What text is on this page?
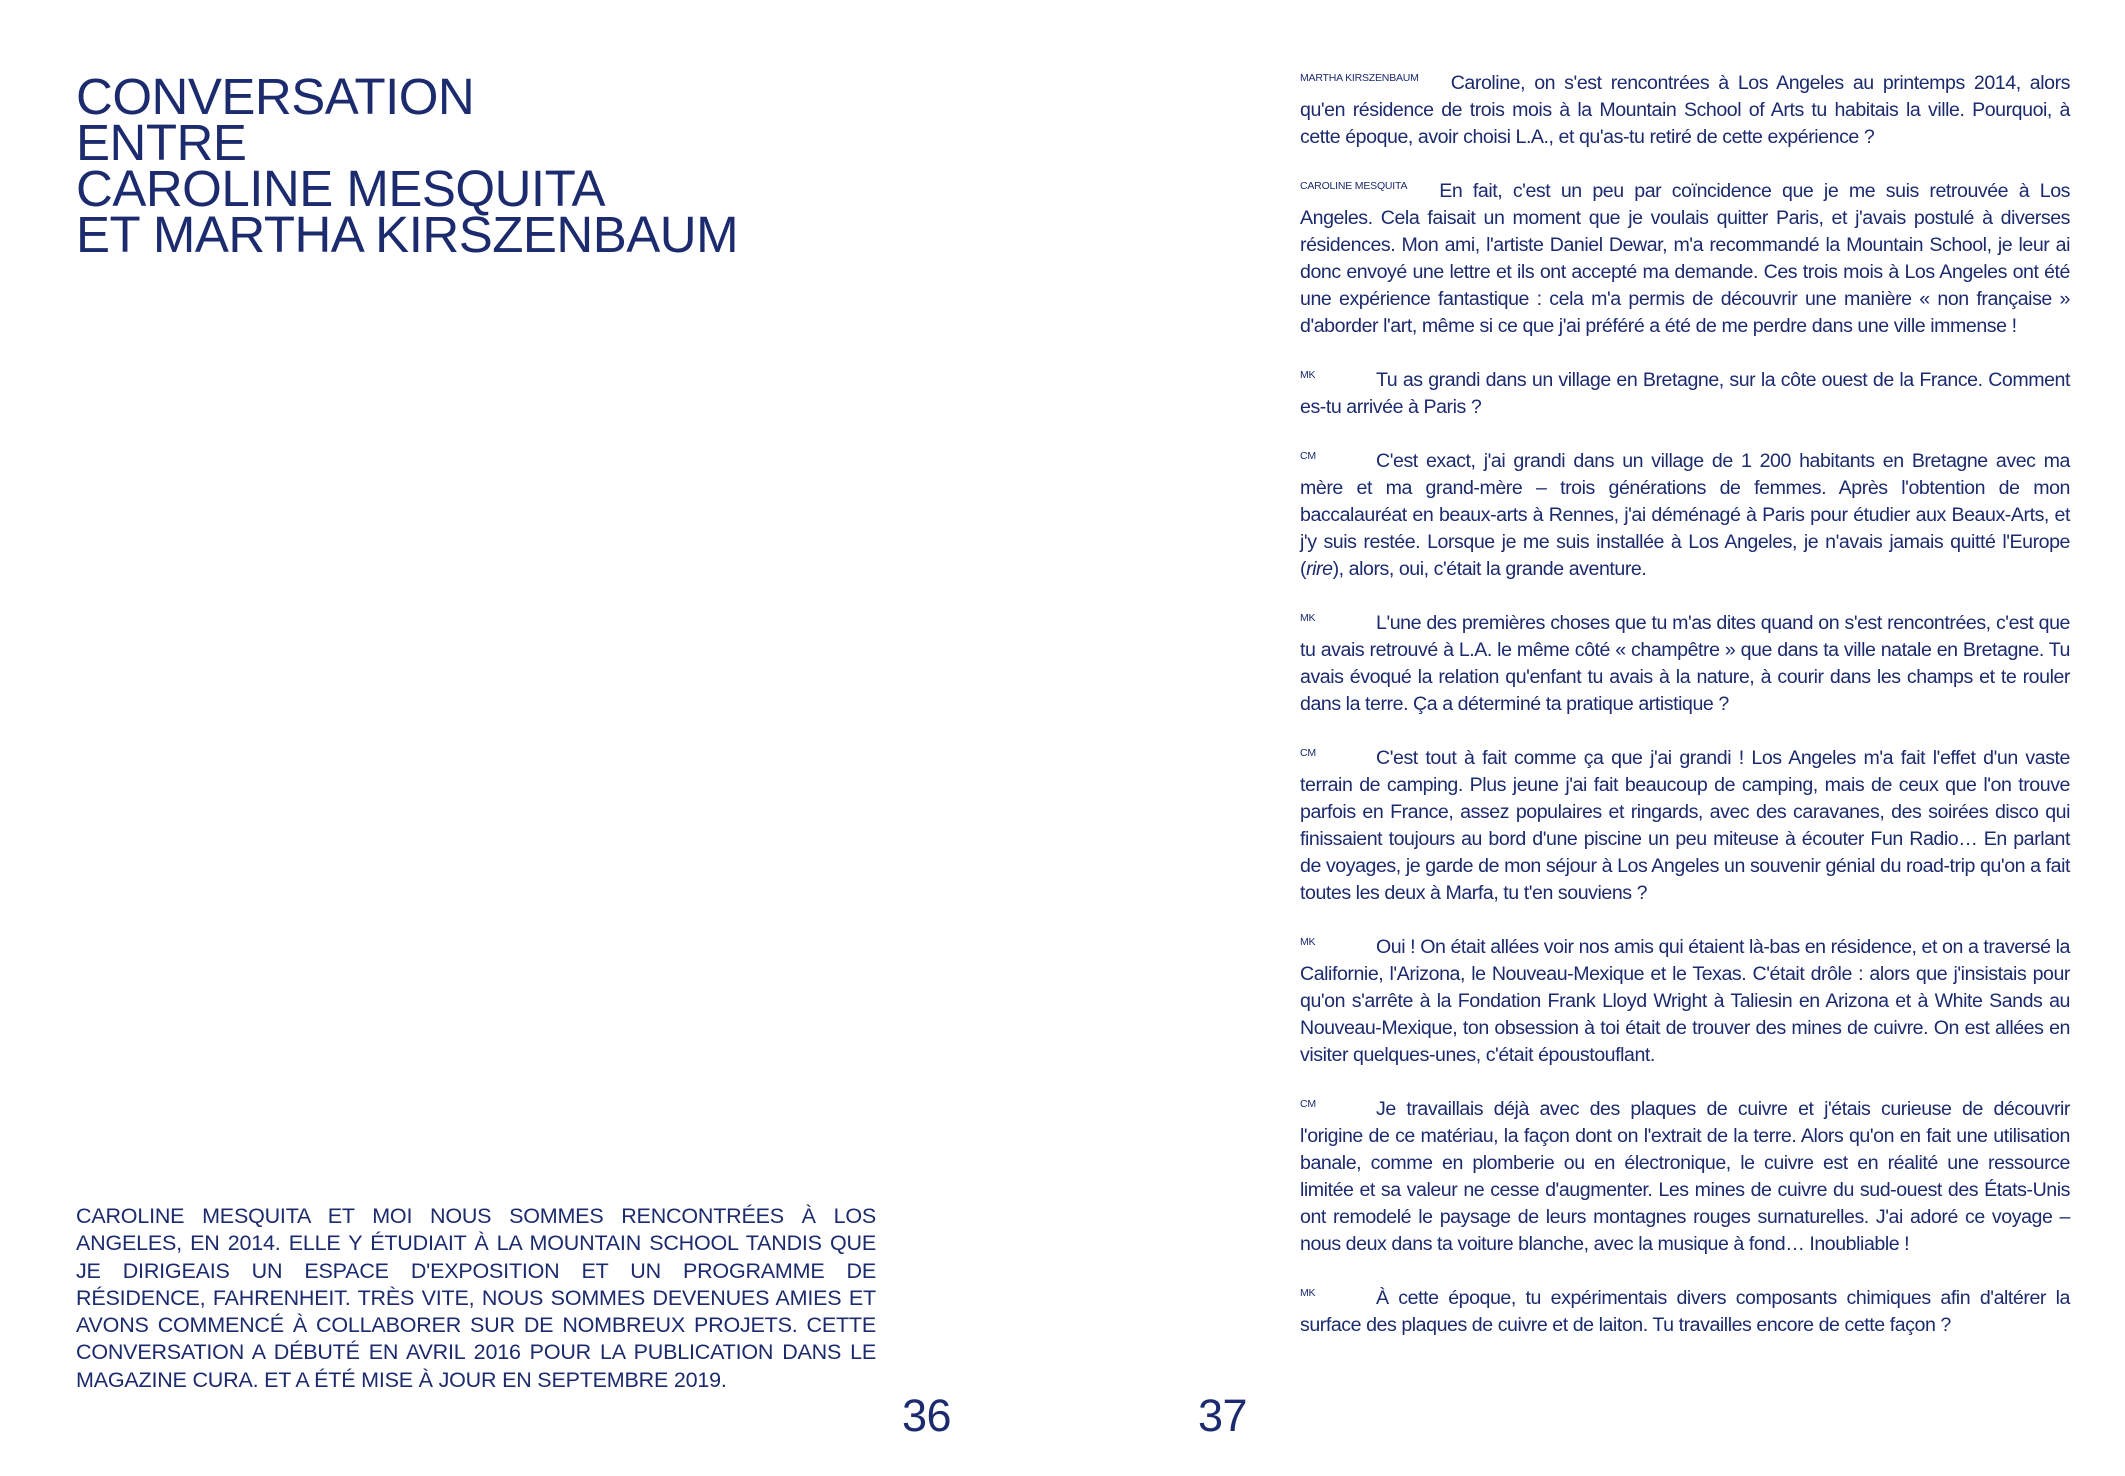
CONVERSATION
ENTRE
CAROLINE MESQUITA
ET MARTHA KIRSZENBAUM

CAROLINE MESQUITA ET MOI NOUS SOMMES RENCONTRÉES À LOS ANGELES, EN 2014. ELLE Y ÉTUDIAIT À LA MOUNTAIN SCHOOL TANDIS QUE JE DIRIGEAIS UN ESPACE D'EXPOSITION ET UN PROGRAMME DE RÉSIDENCE, FAHRENHEIT. TRÈS VITE, NOUS SOMMES DEVENUES AMIES ET AVONS COMMENCÉ À COLLABORER SUR DE NOMBREUX PROJETS. CETTE CONVERSATION A DÉBUTÉ EN AVRIL 2016 POUR LA PUBLICATION DANS LE MAGAZINE CURA. ET A ÉTÉ MISE À JOUR EN SEPTEMBRE 2019.

36	37
MARTHA KIRSZENBAUM	Caroline, on s'est rencontrées à Los Angeles au printemps 2014, alors qu'en résidence de trois mois à la Mountain School of Arts tu habitais la ville. Pourquoi, à cette époque, avoir choisi L.A., et qu'as-tu retiré de cette expérience ?
CAROLINE MESQUITA	En fait, c'est un peu par coïncidence que je me suis retrouvée à Los Angeles. Cela faisait un moment que je voulais quitter Paris, et j'avais postulé à diverses résidences. Mon ami, l'artiste Daniel Dewar, m'a recommandé la Mountain School, je leur ai donc envoyé une lettre et ils ont accepté ma demande. Ces trois mois à Los Angeles ont été une expérience fantastique : cela m'a permis de découvrir une manière « non française » d'aborder l'art, même si ce que j'ai préféré a été de me perdre dans une ville immense !
MK	Tu as grandi dans un village en Bretagne, sur la côte ouest de la France. Comment es-tu arrivée à Paris ?
CM	C'est exact, j'ai grandi dans un village de 1 200 habitants en Bretagne avec ma mère et ma grand-mère – trois générations de femmes. Après l'obtention de mon baccalauréat en beaux-arts à Rennes, j'ai déménagé à Paris pour étudier aux Beaux-Arts, et j'y suis restée. Lorsque je me suis installée à Los Angeles, je n'avais jamais quitté l'Europe (rire), alors, oui, c'était la grande aventure.
MK	L'une des premières choses que tu m'as dites quand on s'est rencontrées, c'est que tu avais retrouvé à L.A. le même côté « champêtre » que dans ta ville natale en Bretagne. Tu avais évoqué la relation qu'enfant tu avais à la nature, à courir dans les champs et te rouler dans la terre. Ça a déterminé ta pratique artistique ?
CM	C'est tout à fait comme ça que j'ai grandi ! Los Angeles m'a fait l'effet d'un vaste terrain de camping. Plus jeune j'ai fait beaucoup de camping, mais de ceux que l'on trouve parfois en France, assez populaires et ringards, avec des caravanes, des soirées disco qui finissaient toujours au bord d'une piscine un peu miteuse à écouter Fun Radio… En parlant de voyages, je garde de mon séjour à Los Angeles un souvenir génial du road-trip qu'on a fait toutes les deux à Marfa, tu t'en souviens ?
MK	Oui ! On était allées voir nos amis qui étaient là-bas en résidence, et on a traversé la Californie, l'Arizona, le Nouveau-Mexique et le Texas. C'était drôle : alors que j'insistais pour qu'on s'arrête à la Fondation Frank Lloyd Wright à Taliesin en Arizona et à White Sands au Nouveau-Mexique, ton obsession à toi était de trouver des mines de cuivre. On est allées en visiter quelques-unes, c'était époustouflant.
CM	Je travaillais déjà avec des plaques de cuivre et j'étais curieuse de découvrir l'origine de ce matériau, la façon dont on l'extrait de la terre. Alors qu'on en fait une utilisation banale, comme en plomberie ou en électronique, le cuivre est en réalité une ressource limitée et sa valeur ne cesse d'augmenter. Les mines de cuivre du sud-ouest des États-Unis ont remodelé le paysage de leurs montagnes rouges surnaturelles. J'ai adoré ce voyage – nous deux dans ta voiture blanche, avec la musique à fond… Inoubliable !
MK	À cette époque, tu expérimentais divers composants chimiques afin d'altérer la surface des plaques de cuivre et de laiton. Tu travailles encore de cette façon ?
